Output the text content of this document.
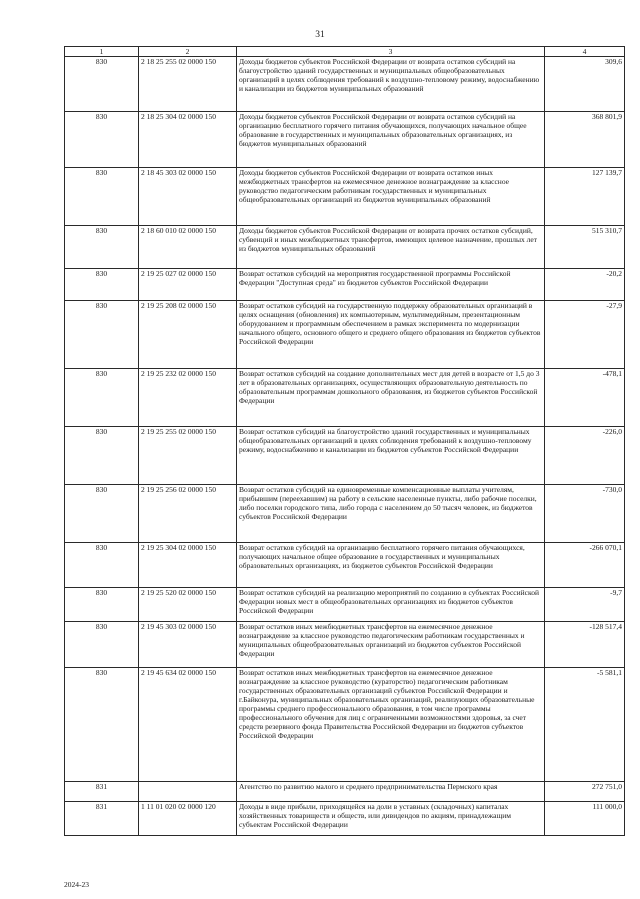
31
1	2	3	4
830	2 18 25 255 02 0000 150	Доходы бюджетов субъектов Российской Федерации от возврата остатков субсидий на благоустройство зданий государственных и муниципальных общеобразовательных организаций в целях соблюдения требований к воздушно-тепловому режиму, водоснабжению и канализации из бюджетов муниципальных образований	309,6
830	2 18 25 304 02 0000 150	Доходы бюджетов субъектов Российской Федерации от возврата остатков субсидий на организацию бесплатного горячего питания обучающихся, получающих начальное общее образование в государственных и муниципальных образовательных организациях, из бюджетов муниципальных образований	368 801,9
830	2 18 45 303 02 0000 150	Доходы бюджетов субъектов Российской Федерации от возврата остатков иных межбюджетных трансфертов на ежемесячное денежное вознаграждение за классное руководство педагогическим работникам государственных и муниципальных общеобразовательных организаций из бюджетов муниципальных образований	127 139,7
830	2 18 60 010 02 0000 150	Доходы бюджетов субъектов Российской Федерации от возврата прочих остатков субсидий, субвенций и иных межбюджетных трансфертов, имеющих целевое назначение, прошлых лет из бюджетов муниципальных образований	515 310,7
830	2 19 25 027 02 0000 150	Возврат остатков субсидий на мероприятия государственной программы Российской Федерации "Доступная среда" из бюджетов субъектов Российской Федерации	-20,2
830	2 19 25 208 02 0000 150	Возврат остатков субсидий на государственную поддержку образовательных организаций в целях оснащения (обновления) их компьютерным, мультимедийным, презентационным оборудованием и программным обеспечением в рамках эксперимента по модернизации начального общего, основного общего и среднего общего образования из бюджетов субъектов Российской Федерации	-27,9
830	2 19 25 232 02 0000 150	Возврат остатков субсидий на создание дополнительных мест для детей в возрасте от 1,5 до 3 лет в образовательных организациях, осуществляющих образовательную деятельность по образовательным программам дошкольного образования, из бюджетов субъектов Российской Федерации	-478,1
830	2 19 25 255 02 0000 150	Возврат остатков субсидий на благоустройство зданий государственных и муниципальных общеобразовательных организаций в целях соблюдения требований к воздушно-тепловому режиму, водоснабжению и канализации из бюджетов субъектов Российской Федерации	-226,0
830	2 19 25 256 02 0000 150	Возврат остатков субсидий на единовременные компенсационные выплаты учителям, прибывшим (переехавшим) на работу в сельские населенные пункты, либо рабочие поселки, либо поселки городского типа, либо города с населением до 50 тысяч человек, из бюджетов субъектов Российской Федерации	-730,0
830	2 19 25 304 02 0000 150	Возврат остатков субсидий на организацию бесплатного горячего питания обучающихся, получающих начальное общее образование в государственных и муниципальных образовательных организациях, из бюджетов субъектов Российской Федерации	-266 070,1
830	2 19 25 520 02 0000 150	Возврат остатков субсидий на реализацию мероприятий по созданию в субъектах Российской Федерации новых мест в общеобразовательных организациях из бюджетов субъектов Российской Федерации	-9,7
830	2 19 45 303 02 0000 150	Возврат остатков иных межбюджетных трансфертов на ежемесячное денежное вознаграждение за классное руководство педагогическим работникам государственных и муниципальных общеобразовательных организаций из бюджетов субъектов Российской Федерации	-128 517,4
830	2 19 45 634 02 0000 150	Возврат остатков иных межбюджетных трансфертов на ежемесячное денежное вознаграждение за классное руководство (кураторство) педагогическим работникам государственных образовательных организаций субъектов Российской Федерации и г.Байконура, муниципальных образовательных организаций, реализующих образовательные программы среднего профессионального образования, в том числе программы профессионального обучения для лиц с ограниченными возможностями здоровья, за счет средств резервного фонда Правительства Российской Федерации из бюджетов субъектов Российской Федерации	-5 581,1
831		Агентство по развитию малого и среднего предпринимательства Пермского края	272 751,0
831	1 11 01 020 02 0000 120	Доходы в виде прибыли, приходящейся на доли в уставных (складочных) капиталах хозяйственных товариществ и обществ, или дивидендов по акциям, принадлежащим субъектам Российской Федерации	111 000,0
2024-23
